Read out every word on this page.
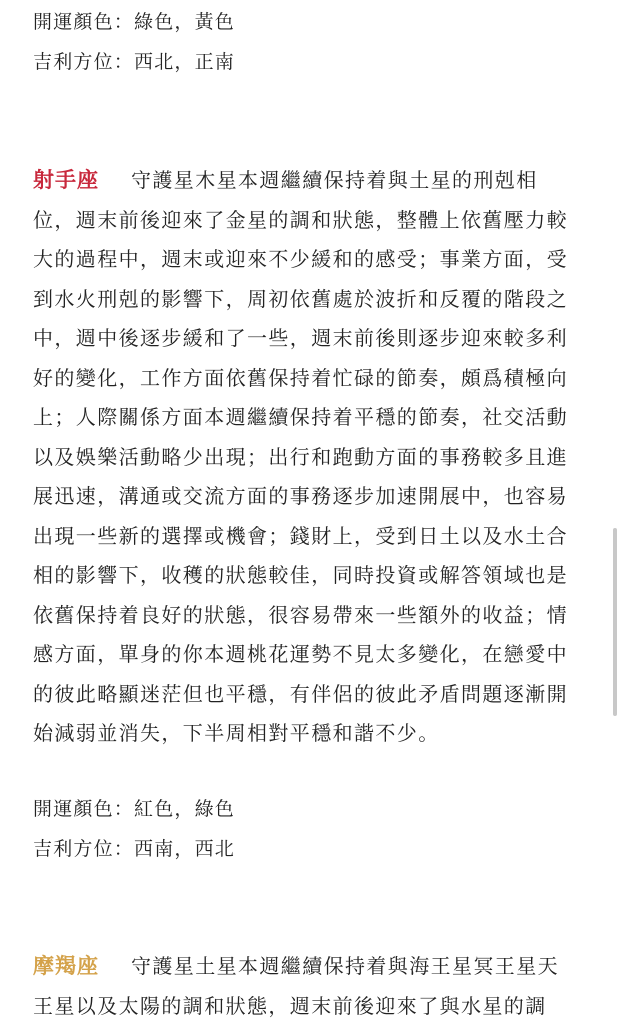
開運顏色：綠色，黃色
吉利方位：西北，正南
射手座 守護星木星本週繼續保持着與土星的刑剋相
位，週末前後迎來了金星的調和狀態，整體上依舊壓力較
大的過程中，週末或迎來不少緩和的感受；事業方面，受
到水火刑剋的影響下，周初依舊處於波折和反覆的階段之
中，週中後逐步緩和了一些，週末前後則逐步迎來較多利
好的變化，工作方面依舊保持着忙碌的節奏，頗爲積極向
上；人際關係方面本週繼續保持着平穩的節奏，社交活動
以及娛樂活動略少出現；出行和跑動方面的事務較多且進
展迅速，溝通或交流方面的事務逐步加速開展中，也容易
出現一些新的選擇或機會；錢財上，受到日土以及水土合
相的影響下，收穫的狀態較佳，同時投資或解答領域也是
依舊保持着良好的狀態，很容易帶來一些額外的收益；情
感方面，單身的你本週桃花運勢不見太多變化，在戀愛中
的彼此略顯迷茫但也平穩，有伴侶的彼此矛盾問題逐漸開
始減弱並消失，下半周相對平穩和諧不少。
開運顏色：紅色，綠色
吉利方位：西南，西北
摩羯座 守護星土星本週繼續保持着與海王星冥王星天
王星以及太陽的調和狀態，週末前後迎來了與水星的調
